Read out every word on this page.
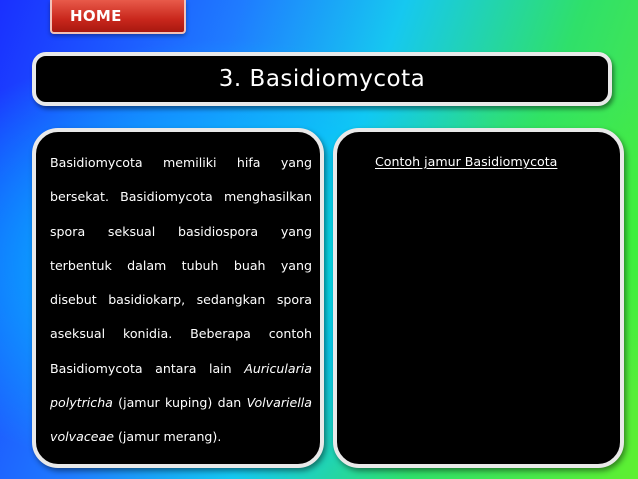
HOME
3. Basidiomycota
Basidiomycota memiliki hifa yang bersekat. Basidiomycota menghasilkan spora seksual basidiospora yang terbentuk dalam tubuh buah yang disebut basidiokarp, sedangkan spora aseksual konidia. Beberapa contoh Basidiomycota antara lain Auricularia polytricha (jamur kuping) dan Volvariella volvaceae (jamur merang).
Contoh jamur Basidiomycota
